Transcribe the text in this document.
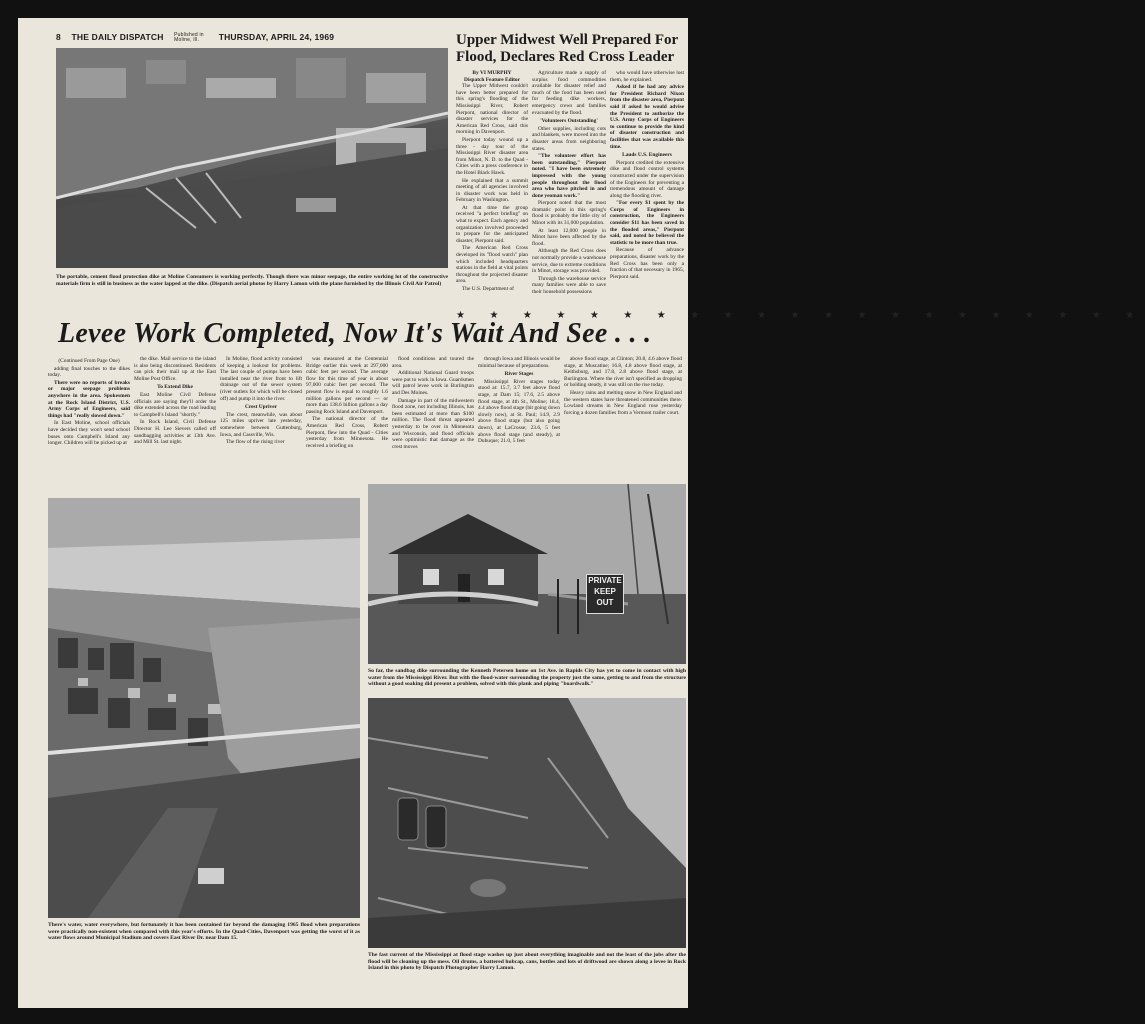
8 THE DAILY DISPATCH Published in Moline, Ill. THURSDAY, APRIL 24, 1969	Upper Midwest Well Prepared For Flood, Declares Red Cross Leader

By VI MURPHY

Dispatch Feature Editor

The Upper Midwest couldn't have been better prepared for this spring's flooding of the Mississippi River, Robert Pierpont, national director of disaster services for the American Red Cross, said this morning in Davenport.

Pierpont today wound up a three - day tour of the Mississippi River disaster area from Minot, N. D. to the Quad - Cities with a press conference in the Hotel Black Hawk.

He explained that a summit meeting of all agencies involved in disaster work was held in February in Washington.

At that time the group received "a perfect briefing" on what to expect. Each agency and organization involved proceeded to prepare for the anticipated disaster, Pierpont said.

The American Red Cross developed its "flood watch" plan which included headquarters stations in the field at vital points throughout the projected disaster area.

The U.S. Department of

Agriculture made a supply of surplus food commodities available for disaster relief and much of the food has been used for feeding dike workers, emergency crews and families evacuated by the flood.

'Volunteers Outstanding'

Other supplies, including cots and blankets, were moved into the disaster areas from neighboring states.

"The volunteer effort has been outstanding," Pierpont noted. "I have been extremely impressed with the young people throughout the flood area who have pitched in and done yeoman work."

Pierpont noted that the most dramatic point in this spring's flood is probably the little city of Minot with its 31,000 population.

At least 12,000 people in Minot have been affected by the flood.

Although the Red Cross does not normally provide a warehouse service, due to extreme conditions in Minot, storage was provided.

Through the warehouse service many families were able to save their household possessions

who would have otherwise lost them, he explained.

Asked if he had any advice for President Richard Nixon from the disaster area, Pierpont said if asked he would advise the President to authorize the U.S. Army Corps of Engineers to continue to provide the kind of disaster construction and facilities that was available this time.

Lauds U.S. Engineers

Pierpont credited the extensive dike and flood control systems constructed under the supervision of the Engineers for preventing a tremendous amount of damage along the flooding river.

"For every $1 spent by the Corps of Engineers in construction, the Engineers consider $11 has been saved in the flooded areas," Pierpont said, and noted he believed the statistic to be more than true.

Because of advance preparations, disaster work by the Red Cross has been only a fraction of that necessary in 1965, Pierpont said.

The portable, cement flood protection dike at Moline Consumers is working perfectly. Though there was minor seepage, the entire working lot of the constructive materials firm is still in business as the water lapped at the dike. (Dispatch aerial photos by Harry Lamon with the plane furnished by the Illinois Civil Air Patrol)
★ ★ ★ ★ ★ ★ ★ ★ ★ ★ ★ ★ ★ ★ ★ ★ ★ ★ ★ ★ ★
Levee Work Completed, Now It's Wait And See . . .

(Continued From Page One)

adding final touches to the dikes today.

There were no reports of breaks or major seepage problems anywhere in the area. Spokesmen at the Rock Island District, U.S. Army Corps of Engineers, said things had "really slowed down."

In East Moline, school officials have decided they won't send school buses onto Campbell's Island any longer. Children will be picked up at

the dike. Mail service to the island is also being discontinued. Residents can pick their mail up at the East Moline Post Office.

To Extend Dike

East Moline Civil Defense officials are saying they'll order the dike extended across the road leading to Campbell's Island "shortly."

In Rock Island, Civil Defense Director H. Lee Sievers called off sandbagging activities at 13th Ave. and Mill St. last night.

In Moline, flood activity consisted of keeping a lookout for problems. The last couple of pumps have been installed near the river front to lift drainage out of the sewer system (river outlets for which will be closed off) and pump it into the river.

Crest Upriver

The crest, meanwhile, was about 125 miles upriver late yesterday, somewhere between Guttenburg, Iowa, and Cassville, Wis.

The flow of the rising river

was measured at the Centennial Bridge earlier this week at 297,000 cubic feet per second. The average flow for this time of year is about 97,000 cubic feet per second. The present flow is equal to roughly 1.6 million gallons per second — or more than 138.6 billion gallons a day passing Rock Island and Davenport.

The national director of the American Red Cross, Robert Pierpont, flew into the Quad - Cities yesterday from Minnesota. He received a briefing on

flood conditions and toured the area.

Additional National Guard troops were put to work in Iowa. Guardsmen will patrol levee work in Burlington and Des Moines.

Damage in part of the midwestern flood zone, not including Illinois, has been estimated at more than $100 million. The flood threat appeared yesterday to be over in Minnesota and Wisconsin, and flood officials were optimistic that damage as the crest moves

through Iowa and Illinois would be minimal because of preparations.

River Stages

Mississippi River stages today stood at: 15.7, 3.7 feet above flood stage, at Dam 15; 17.6, 2.5 above flood stage, at 4th St., Moline; 18.4, 4.4 above flood stage (hit going down slowly now), at St. Paul; 14.9, 2.9 above flood stage (but also going down), at LaCrosse; 23.6, 5 feet above flood stage (and steady), at Dubuque; 21.0, 5 feet

above flood stage, at Clinton; 20.8, 4.6 above flood stage, at Muscatine; 16.8, 4.8 above flood stage, at Keithsburg, and 17.8, 2.8 above flood stage, at Burlington. Where the river isn't specified as dropping or holding steady, it was still on the rise today.

Heavy rains and melting snow in New England and the western states have threatened communities there. Lowland streams in New England rose yesterday forcing a dozen families from a Vermont trailer court.

There's water, water everywhere, but fortunately it has been contained far beyond the damaging 1965 flood when preparations were practically non-existent when compared with this year's efforts. In the Quad-Cities, Davenport was getting the worst of it as water flows around Municipal Stadium and covers East River Dr. near Dam 15.
PRIVATE
KEEP
OUT
So far, the sandbag dike surrounding the Kenneth Petersen home on 1st Ave. in Rapids City has yet to come in contact with high water from the Mississippi River. But with the flood-water surrounding the property just the same, getting to and from the structure without a good soaking did present a problem, solved with this plank and piping "boardwalk."
The fast current of the Mississippi at flood stage washes up just about everything imaginable and not the least of the jobs after the flood will be cleaning up the mess. Oil drums, a battered hubcap, cans, bottles and lots of driftwood are shown along a levee in Rock Island in this photo by Dispatch Photographer Harry Lamon.
